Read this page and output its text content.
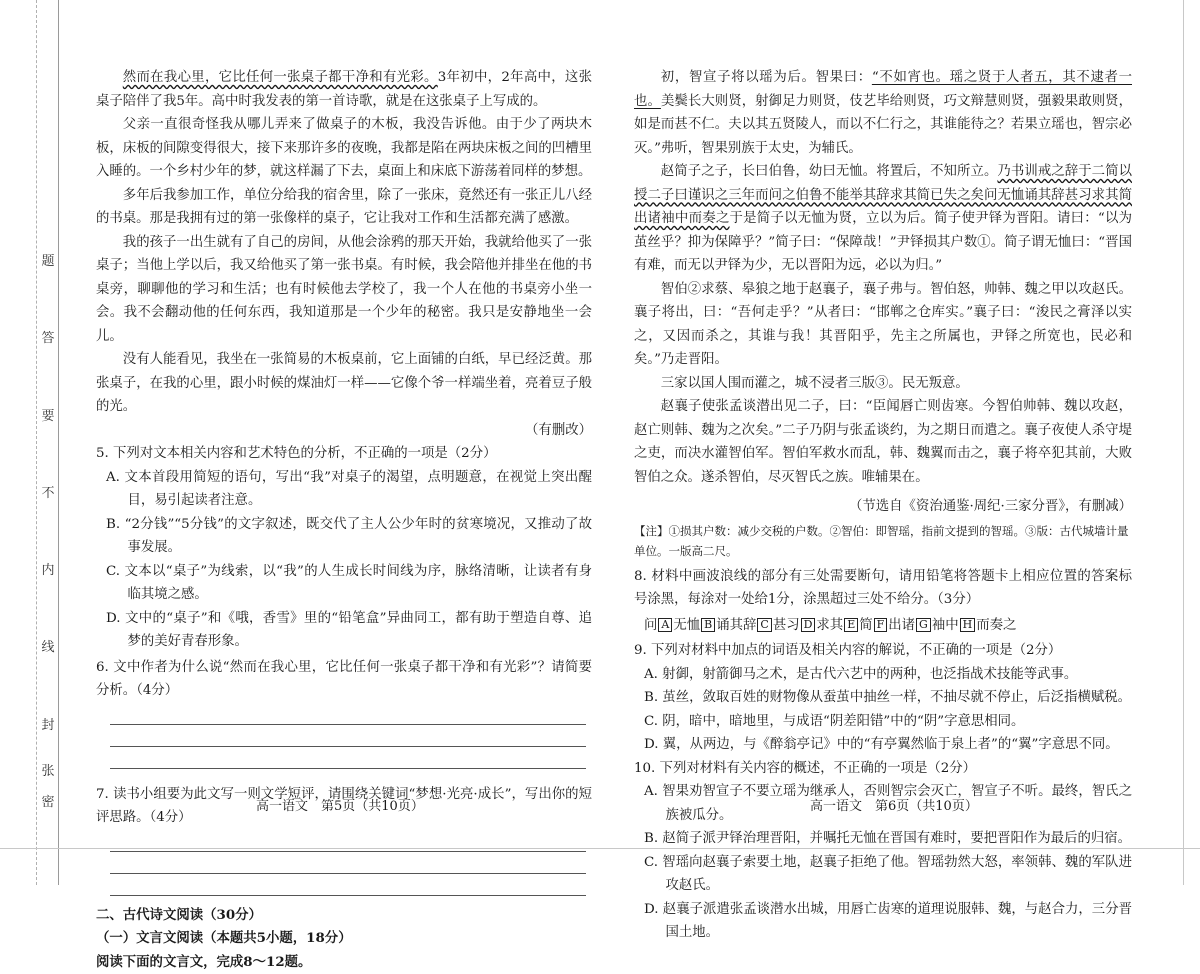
题
答
要
不
内
线
封
密
张

然而在我心里，它比任何一张桌子都干净和有光彩。3年初中，2年高中，这张桌子陪伴了我5年。高中时我发表的第一首诗歌，就是在这张桌子上写成的。

父亲一直很奇怪我从哪儿弄来了做桌子的木板，我没告诉他。由于少了两块木板，床板的间隙变得很大，接下来那许多的夜晚，我都是陷在两块床板之间的凹槽里入睡的。一个乡村少年的梦，就这样漏了下去，桌面上和床底下游荡着同样的梦想。

多年后我参加工作，单位分给我的宿舍里，除了一张床，竟然还有一张正儿八经的书桌。那是我拥有过的第一张像样的桌子，它让我对工作和生活都充满了感激。

我的孩子一出生就有了自己的房间，从他会涂鸦的那天开始，我就给他买了一张桌子；当他上学以后，我又给他买了第一张书桌。有时候，我会陪他并排坐在他的书桌旁，聊聊他的学习和生活；也有时候他去学校了，我一个人在他的书桌旁小坐一会。我不会翻动他的任何东西，我知道那是一个少年的秘密。我只是安静地坐一会儿。

没有人能看见，我坐在一张简易的木板桌前，它上面铺的白纸，早已经泛黄。那张桌子，在我的心里，跟小时候的煤油灯一样——它像个爷一样端坐着，亮着豆子般的光。

（有删改）

5. 下列对文本相关内容和艺术特色的分析，不正确的一项是（2分）

A. 文本首段用简短的语句，写出“我”对桌子的渴望，点明题意，在视觉上突出醒目，易引起读者注意。

B. “2分钱”“5分钱”的文字叙述，既交代了主人公少年时的贫寒境况，又推动了故事发展。

C. 文本以“桌子”为线索，以“我”的人生成长时间线为序，脉络清晰，让读者有身临其境之感。

D. 文中的“桌子”和《哦，香雪》里的“铅笔盒”异曲同工，都有助于塑造自尊、追梦的美好青春形象。

6. 文中作者为什么说“然而在我心里，它比任何一张桌子都干净和有光彩”？请简要分析。（4分）

7. 读书小组要为此文写一则文学短评，请围绕关键词“梦想·光亮·成长”，写出你的短评思路。（4分）

二、古代诗文阅读（30分）

（一）文言文阅读（本题共5小题，18分）

阅读下面的文言文，完成8～12题。

初，智宣子将以瑶为后。智果曰：“不如宵也。瑶之贤于人者五，其不逮者一也。美鬓长大则贤，射御足力则贤，伎艺毕给则贤，巧文辩慧则贤，强毅果敢则贤，如是而甚不仁。夫以其五贤陵人，而以不仁行之，其谁能待之？若果立瑶也，智宗必灭。”弗听，智果别族于太史，为辅氏。

赵简子之子，长曰伯鲁，幼曰无恤。将置后，不知所立。乃书训戒之辞于二简以授二子曰谨识之三年而问之伯鲁不能举其辞求其简已失之矣问无恤诵其辞甚习求其简出诸袖中而奏之于是简子以无恤为贤，立以为后。简子使尹铎为晋阳。请曰：“以为茧丝乎？抑为保障乎？”简子曰：“保障哉！”尹铎损其户数①。简子谓无恤曰：“晋国有难，而无以尹铎为少，无以晋阳为远，必以为归。”

智伯②求蔡、皋狼之地于赵襄子，襄子弗与。智伯怒，帅韩、魏之甲以攻赵氏。襄子将出，曰：“吾何走乎？”从者曰：“邯郸之仓库实。”襄子曰：“浚民之膏泽以实之，又因而杀之，其谁与我！其晋阳乎，先主之所属也，尹铎之所宽也，民必和矣。”乃走晋阳。

三家以国人围而灌之，城不浸者三版③。民无叛意。

赵襄子使张孟谈潜出见二子，曰：“臣闻唇亡则齿寒。今智伯帅韩、魏以攻赵，赵亡则韩、魏为之次矣。”二子乃阴与张孟谈约，为之期日而遣之。襄子夜使人杀守堤之吏，而决水灌智伯军。智伯军救水而乱，韩、魏翼而击之，襄子将卒犯其前，大败智伯之众。遂杀智伯，尽灭智氏之族。唯辅果在。

（节选自《资治通鉴·周纪·三家分晋》，有删减）

【注】①损其户数：减少交税的户数。②智伯：即智瑶，指前文提到的智瑶。③版：古代城墙计量单位。一版高二尺。

8. 材料中画波浪线的部分有三处需要断句，请用铅笔将答题卡上相应位置的答案标号涂黑，每涂对一处给1分，涂黑超过三处不给分。（3分）

问 A 无恤 B 诵其辞 C 甚习 D 求其 E 简 F 出诸 G 袖中 H 而奏之

9. 下列对材料中加点的词语及相关内容的解说，不正确的一项是（2分）

A. 射御，射箭御马之术，是古代六艺中的两种，也泛指战术技能等武事。

B. 茧丝，敛取百姓的财物像从蚕茧中抽丝一样，不抽尽就不停止，后泛指横赋税。

C. 阴，暗中，暗地里，与成语“阴差阳错”中的“阴”字意思相同。

D. 翼，从两边，与《醉翁亭记》中的“有亭翼然临于泉上者”的“翼”字意思不同。

10. 下列对材料有关内容的概述，不正确的一项是（2分）

A. 智果劝智宣子不要立瑶为继承人，否则智宗会灭亡，智宣子不听。最终，智氏之族被瓜分。

B. 赵简子派尹铎治理晋阳，并嘱托无恤在晋国有难时，要把晋阳作为最后的归宿。

C. 智瑶向赵襄子索要土地，赵襄子拒绝了他。智瑶勃然大怒，率领韩、魏的军队进攻赵氏。

D. 赵襄子派遣张孟谈潜水出城，用唇亡齿寒的道理说服韩、魏，与赵合力，三分晋国土地。

高一语文　第5页（共10页）	高一语文　第6页（共10页）
